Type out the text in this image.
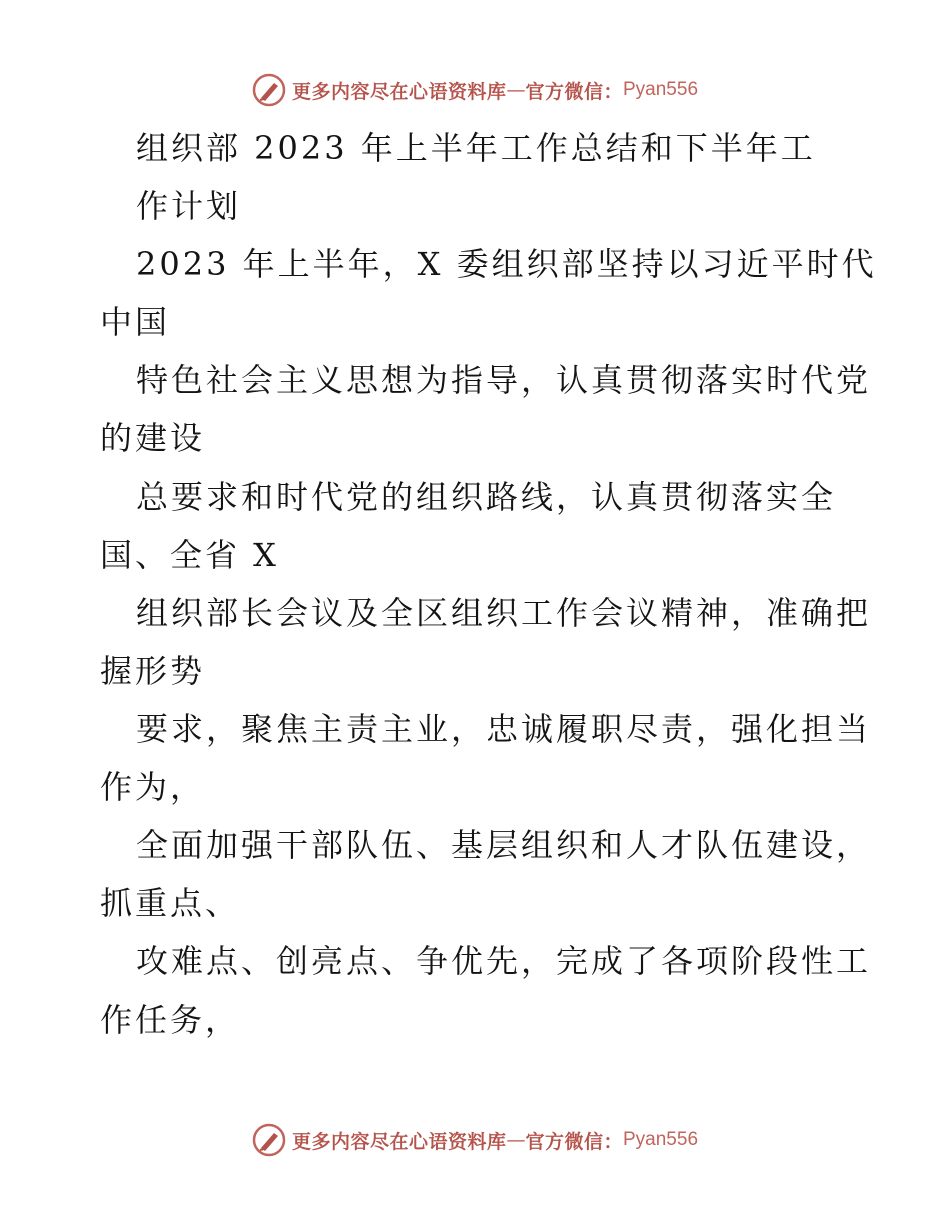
更多内容尽在心语资料库 — 官方微信： Pyan556
组织部 2023 年上半年工作总结和下半年工
作计划
2023 年上半年，X 委组织部坚持以习近平时代
中国
特色社会主义思想为指导，认真贯彻落实时代党
的建设
总要求和时代党的组织路线，认真贯彻落实全
国、全省 X
组织部长会议及全区组织工作会议精神，准确把
握形势
要求，聚焦主责主业，忠诚履职尽责，强化担当
作为，
全面加强干部队伍、基层组织和人才队伍建设，
抓重点、
攻难点、创亮点、争优先，完成了各项阶段性工
作任务，
更多内容尽在心语资料库 — 官方微信： Pyan556
